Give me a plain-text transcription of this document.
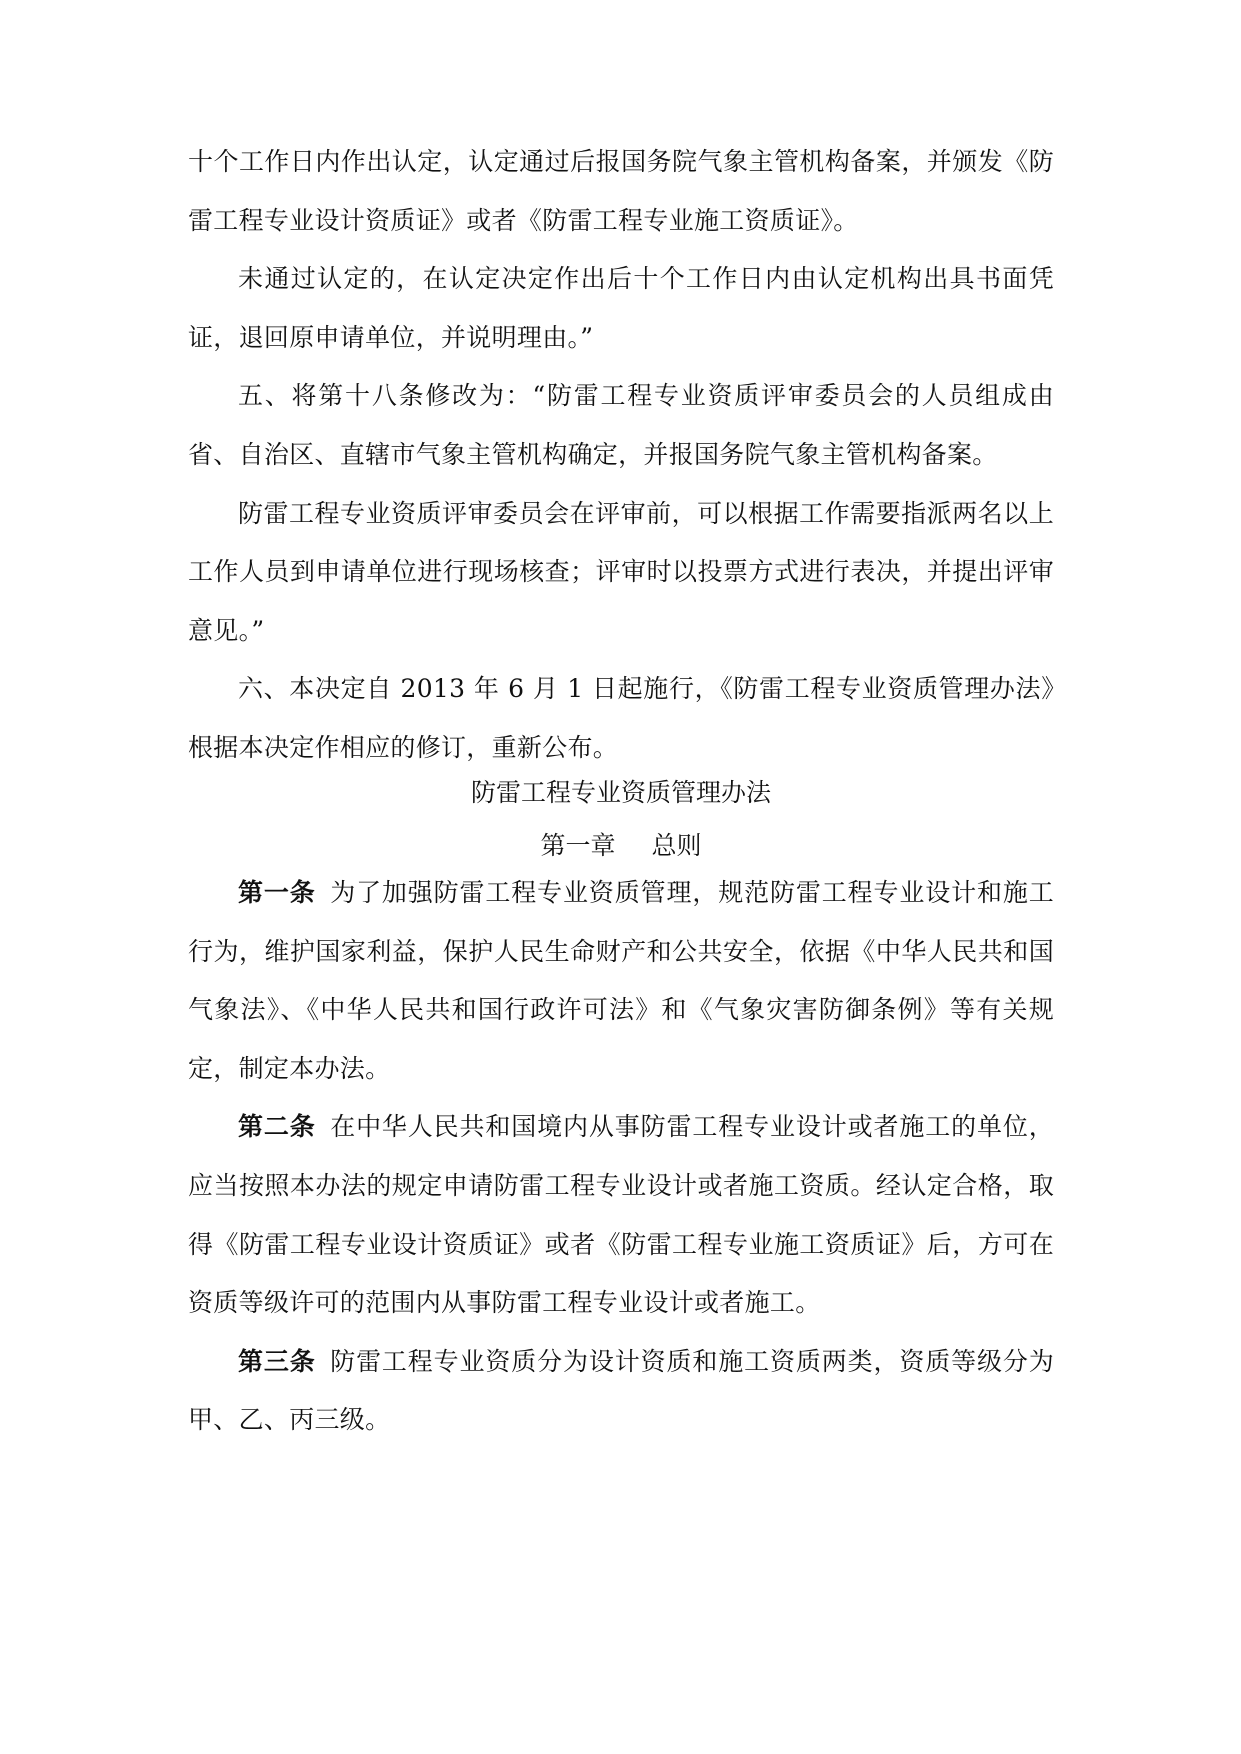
十个工作日内作出认定，认定通过后报国务院气象主管机构备案，并颁发《防雷工程专业设计资质证》或者《防雷工程专业施工资质证》。

未通过认定的，在认定决定作出后十个工作日内由认定机构出具书面凭证，退回原申请单位，并说明理由。”

五、将第十八条修改为：“防雷工程专业资质评审委员会的人员组成由省、自治区、直辖市气象主管机构确定，并报国务院气象主管机构备案。

防雷工程专业资质评审委员会在评审前，可以根据工作需要指派两名以上工作人员到申请单位进行现场核查；评审时以投票方式进行表决，并提出评审意见。”

六、本决定自 2013 年 6 月 1 日起施行，《防雷工程专业资质管理办法》根据本决定作相应的修订，重新公布。

防雷工程专业资质管理办法
第一章 总则

第一条 为了加强防雷工程专业资质管理，规范防雷工程专业设计和施工行为，维护国家利益，保护人民生命财产和公共安全，依据《中华人民共和国气象法》、《中华人民共和国行政许可法》和《气象灾害防御条例》等有关规定，制定本办法。

第二条 在中华人民共和国境内从事防雷工程专业设计或者施工的单位，应当按照本办法的规定申请防雷工程专业设计或者施工资质。经认定合格，取得《防雷工程专业设计资质证》或者《防雷工程专业施工资质证》后，方可在资质等级许可的范围内从事防雷工程专业设计或者施工。

第三条 防雷工程专业资质分为设计资质和施工资质两类，资质等级分为甲、乙、丙三级。
